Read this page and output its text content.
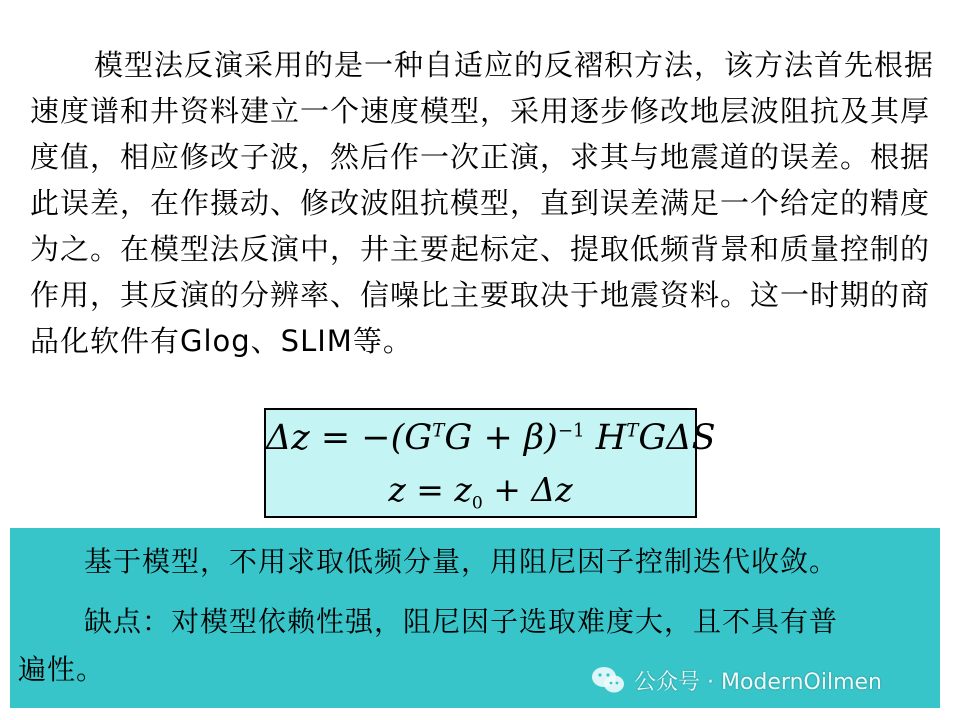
模型法反演采用的是一种自适应的反褶积方法，该方法首先根据速度谱和井资料建立一个速度模型，采用逐步修改地层波阻抗及其厚度值，相应修改子波，然后作一次正演，求其与地震道的误差。根据此误差，在作摄动、修改波阻抗模型，直到误差满足一个给定的精度为之。在模型法反演中，井主要起标定、提取低频背景和质量控制的作用，其反演的分辨率、信噪比主要取决于地震资料。这一时期的商品化软件有Glog、SLIM等。

$\Delta z = -(G^TG + \beta)^{-1}$ $H^TG\Delta S$
$z = z_0 + \Delta z$
基于模型，不用求取低频分量，用阻尼因子控制迭代收敛。
缺点：对模型依赖性强，阻尼因子选取难度大，且不具有普
遍性。	公众号 · ModernOilmen
